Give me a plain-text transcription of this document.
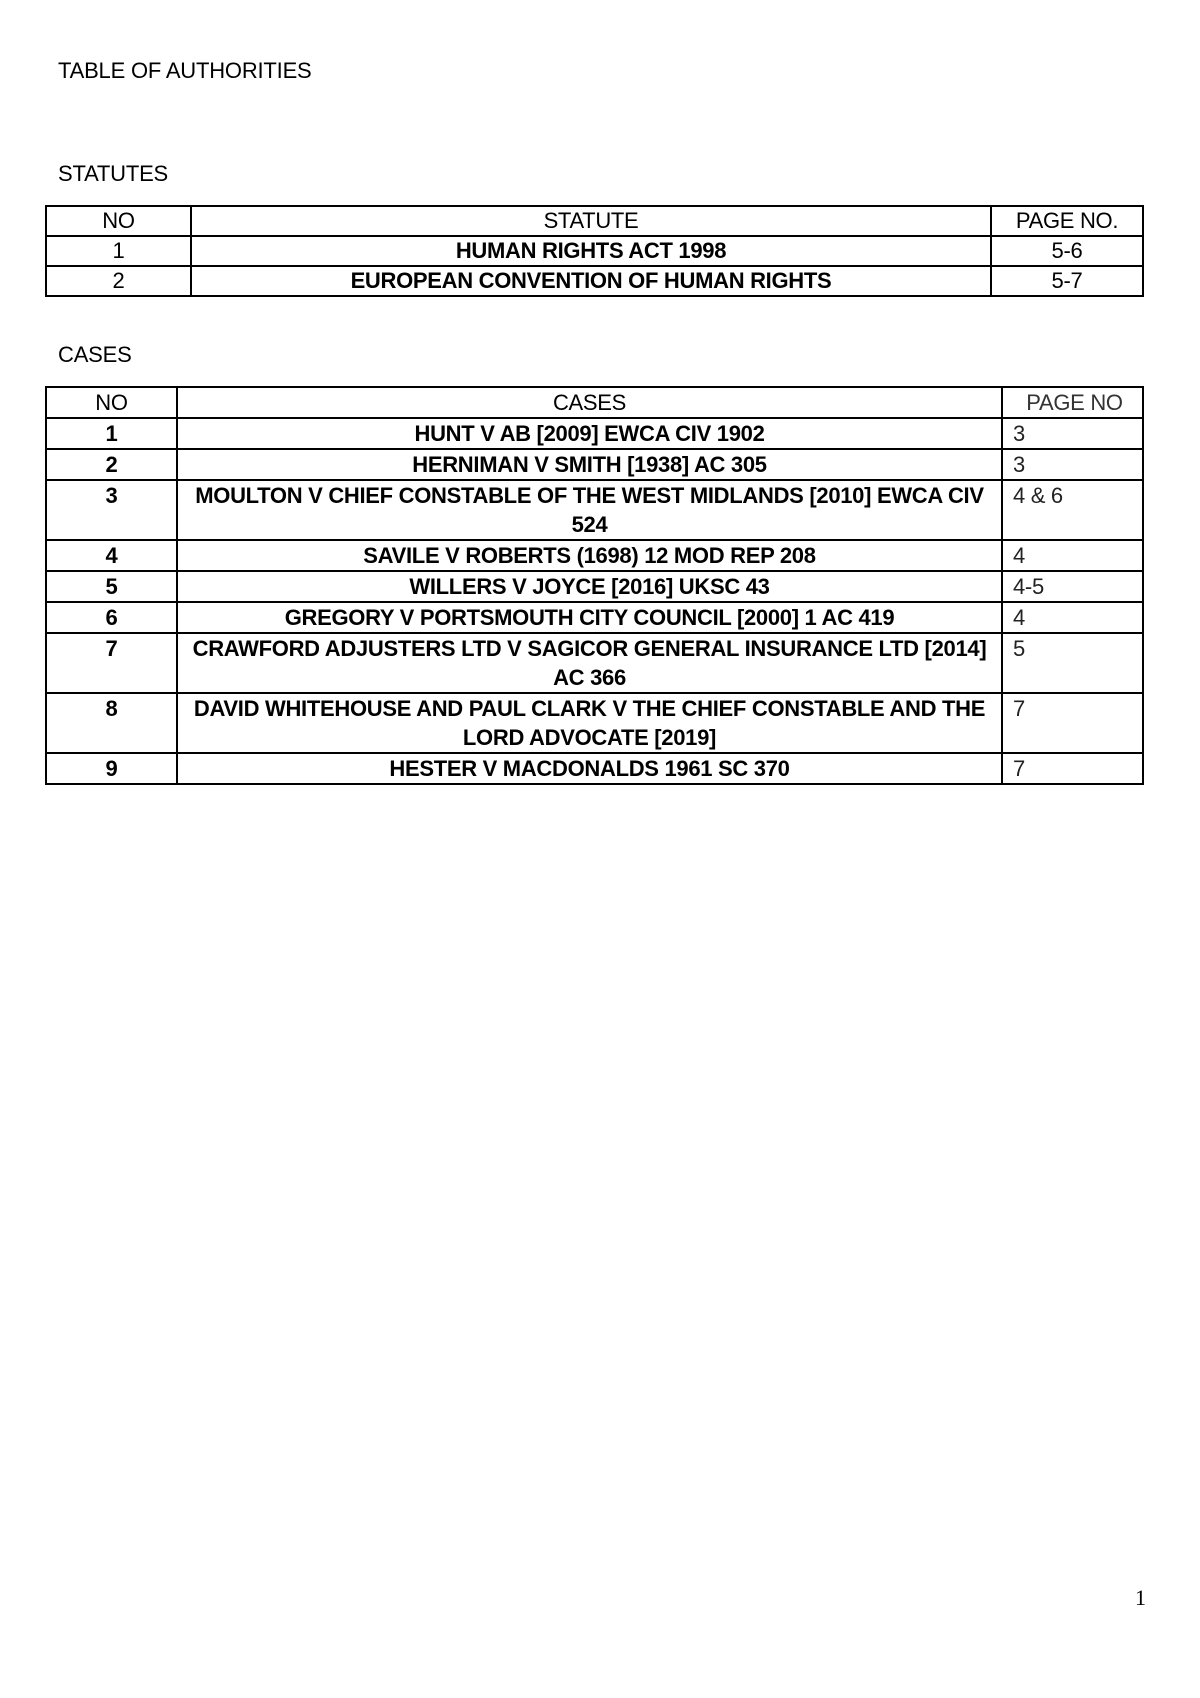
TABLE OF AUTHORITIES
STATUTES
NO	STATUTE	PAGE NO.
1	HUMAN RIGHTS ACT 1998	5-6
2	EUROPEAN CONVENTION OF HUMAN RIGHTS	5-7
CASES
NO	CASES	PAGE NO
1	HUNT V AB [2009] EWCA CIV 1902	3
2	HERNIMAN V SMITH [1938] AC 305	3
3	MOULTON V CHIEF CONSTABLE OF THE WEST MIDLANDS [2010] EWCA CIV 524	4 & 6
4	SAVILE V ROBERTS (1698) 12 MOD REP 208	4
5	WILLERS V JOYCE [2016] UKSC 43	4-5
6	GREGORY V PORTSMOUTH CITY COUNCIL [2000] 1 AC 419	4
7	CRAWFORD ADJUSTERS LTD V SAGICOR GENERAL INSURANCE LTD [2014] AC 366	5
8	DAVID WHITEHOUSE AND PAUL CLARK V THE CHIEF CONSTABLE AND THE LORD ADVOCATE [2019]	7
9	HESTER V MACDONALDS 1961 SC 370	7
1
